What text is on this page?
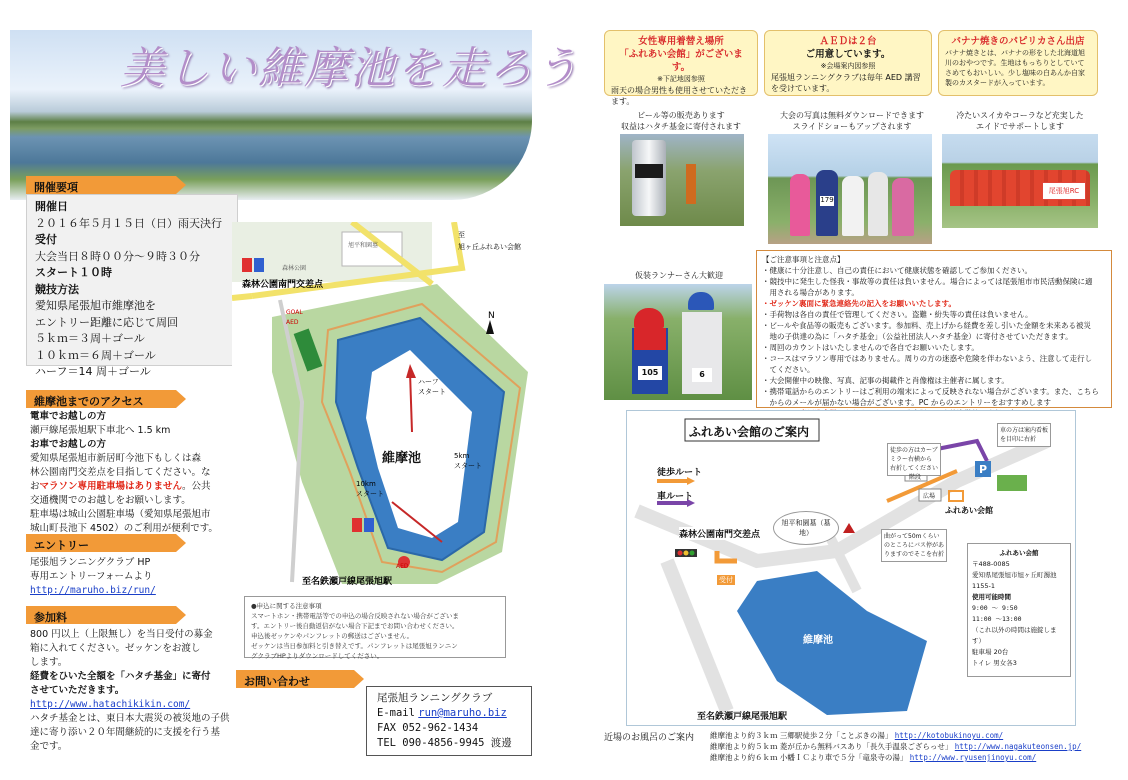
美しい維摩池を走ろう
開催要項
開催日
２０１６年５月１５日（日）雨天決行
受付
大会当日８時００分～９時３０分
スタート１０時
競技方法
愛知県尾張旭市維摩池を
エントリー距離に応じて周回
５ｋｍ＝３周＋ゴール
１０ｋｍ＝６周＋ゴール
ハーフ＝14 周＋ゴール
維摩池までのアクセス
電車でお越しの方
瀬戸線尾張旭駅下車北へ 1.5 km
お車でお越しの方
愛知県尾張旭市新居町今池下もしくは森
林公園南門交差点を目指してください。な
おマラソン専用駐車場はありません。公共
交通機関でのお越しをお願いします。
駐車場は城山公園駐車場（愛知県尾張旭市
城山町長池下 4502）のご利用が便利です。
エントリー
尾張旭ランニングクラブ HP
専用エントリーフォームより
http://maruho.biz/run/
参加料
800 円以上（上限無し）を当日受付の募金
箱に入れてください。ゼッケンをお渡し
します。
経費をひいた全額を「ハタチ基金」に寄付
させていただきます。
http://www.hatachikikin.com/
ハタチ基金とは、東日本大震災の被災地の子供
達に寄り添い２０年間継続的に支援を行う基
金です。
N
維摩池
森林公園南門交差点
至
旭ヶ丘ふれあい会館
至名鉄瀬戸線尾張旭駅
ハーフ
スタート
5km
スタート
10km
スタート
GOAL
AED
AED
旭平和園墓
森林公園
●申込に関する注意事項
スマートホン・携帯電話等での申込の場合反映されない場合がございま
す。エントリー後自動返信がない場合下記までお問い合わせください。
申込後ゼッケンやパンフレットの郵送はございません。
ゼッケンは当日参加料と引き替えです。パンフレットは尾張旭ランニン
グクラブHPよりダウンロードしてください。
お問い合わせ
尾張旭ランニングクラブ
E-mail run@maruho.biz
FAX 052-962-1434
TEL 090-4856-9945 渡邊
女性専用着替え場所
「ふれあい会館」がございます。
※下記地図参照
雨天の場合男性も使用させていただきます。
ＡＥＤは２台
ご用意しています。
※会場案内図参照
尾張旭ランニングクラブは毎年 AED 講習を受けています。
バナナ焼きのパピリカさん出店
バナナ焼きとは、バナナの形をした北海道旭川のおやつです。生地はもっちりとしていてさめてもおいしい。少し塩味の白あんか自家製のカスタードが入っています。
ビール等の販売あります
収益はハタチ基金に寄付されます
大会の写真は無料ダウンロードできます
スライドショーもアップされます
冷たいスイカやコーラなど充実した
エイドでサポートします
179
尾張旭RC
仮装ランナーさん大歓迎
105	6
【ご注意事項と注意点】
・健康に十分注意し、自己の責任において健康状態を確認してご参加ください。
・競技中に発生した怪我・事故等の責任は負いません。場合によっては尾張旭市市民活動保険に適
　用される場合があります。
・ゼッケン裏面に緊急連絡先の記入をお願いいたします。
・手荷物は各自の責任で管理してください。盗難・紛失等の責任は負いません。
・ビールや食品等の販売もございます。参加料、売上げから経費を差し引いた金額を未来ある被災
　地の子供達の為に「ハタチ基金」（公益社団法人ハタチ基金）に寄付させていただきます。
・周回のカウントはいたしませんので各自でお願いいたします。
・コースはマラソン専用ではありません。周りの方の迷惑や危険を伴わないよう、注意して走行し
　てください。
・大会開催中の映像、写真、記事の掲載件と肖像権は主催者に属します。
・携帯電話からのエントリーはご利用の端末によって反映されない場合がございます。また、こちら
　からのメールが届かない場合がございます。PC からのエントリーをおすすめします
P
ふれあい会館のご案内
徒歩ルート
車ルート
森林公園南門交差点
旭平和園墓（墓地）
維摩池
至名鉄瀬戸線尾張旭駅
徒歩の方はカーブ
ミラー右横から
右折してください
車の方は案内看板
を目印に右折
曲がって50mくらい
のところにバス停があ
りますのでそこを右折
ふれあい会館
階段
広場
受付
ふれあい会館
〒488-0085
愛知県尾張旭市旭ヶ丘町濁池
1155-1
使用可能時間
9:00 ～ 9:50
11:00 ～13:00
（これ以外の時間は施錠します）
駐車場 20台
トイレ 男女各3
近場のお風呂のご案内 維摩池より約３ｋｍ 三郷駅徒歩２分「ことぶきの湯」 http://kotobukinoyu.com/
維摩池より約５ｋｍ 菱が丘から無料バスあり「長久手温泉ござらっせ」 http://www.nagakuteonsen.jp/
維摩池より約６ｋｍ 小幡ＩＣより車で５分「竜泉寺の湯」 http://www.ryusenjinoyu.com/
